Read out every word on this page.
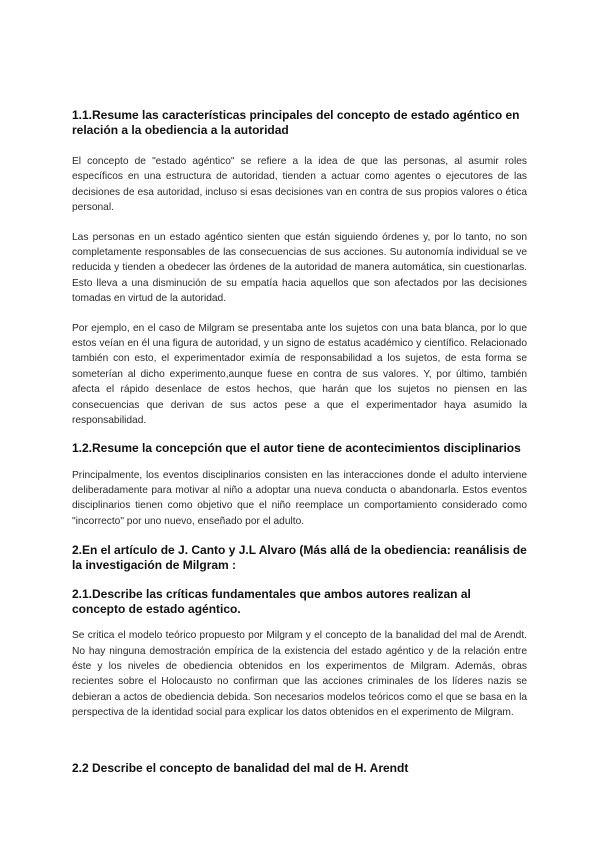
1.1.Resume las características principales del concepto de estado agéntico en relación a la obediencia a la autoridad

El concepto de "estado agéntico" se refiere a la idea de que las personas, al asumir roles específicos en una estructura de autoridad, tienden a actuar como agentes o ejecutores de las decisiones de esa autoridad, incluso si esas decisiones van en contra de sus propios valores o ética personal.

Las personas en un estado agéntico sienten que están siguiendo órdenes y, por lo tanto, no son completamente responsables de las consecuencias de sus acciones. Su autonomía individual se ve reducida y tienden a obedecer las órdenes de la autoridad de manera automática, sin cuestionarlas. Esto lleva a una disminución de su empatía hacia aquellos que son afectados por las decisiones tomadas en virtud de la autoridad.

Por ejemplo, en el caso de Milgram se presentaba ante los sujetos con una bata blanca, por lo que estos veían en él una figura de autoridad, y un signo de estatus académico y científico. Relacionado también con esto, el experimentador eximía de responsabilidad a los sujetos, de esta forma se someterían al dicho experimento,aunque fuese en contra de sus valores. Y, por último, también afecta el rápido desenlace de estos hechos, que harán que los sujetos no piensen en las consecuencias que derivan de sus actos pese a que el experimentador haya asumido la responsabilidad.

1.2.Resume la concepción que el autor tiene de acontecimientos disciplinarios

Principalmente, los eventos disciplinarios consisten en las interacciones donde el adulto interviene deliberadamente para motivar al niño a adoptar una nueva conducta o abandonarla. Estos eventos disciplinarios tienen como objetivo que el niño reemplace un comportamiento considerado como "incorrecto" por uno nuevo, enseñado por el adulto.

2.En el artículo de J. Canto y J.L Alvaro (Más allá de la obediencia: reanálisis de la investigación de Milgram :
2.1.Describe las críticas fundamentales que ambos autores realizan al concepto de estado agéntico.

Se critica el modelo teórico propuesto por Milgram y el concepto de la banalidad del mal de Arendt. No hay ninguna demostración empírica de la existencia del estado agéntico y de la relación entre éste y los niveles de obediencia obtenidos en los experimentos de Milgram. Además, obras recientes sobre el Holocausto no confirman que las acciones criminales de los líderes nazis se debieran a actos de obediencia debida. Son necesarios modelos teóricos como el que se basa en la perspectiva de la identidad social para explicar los datos obtenidos en el experimento de Milgram.

2.2 Describe el concepto de banalidad del mal de H. Arendt
